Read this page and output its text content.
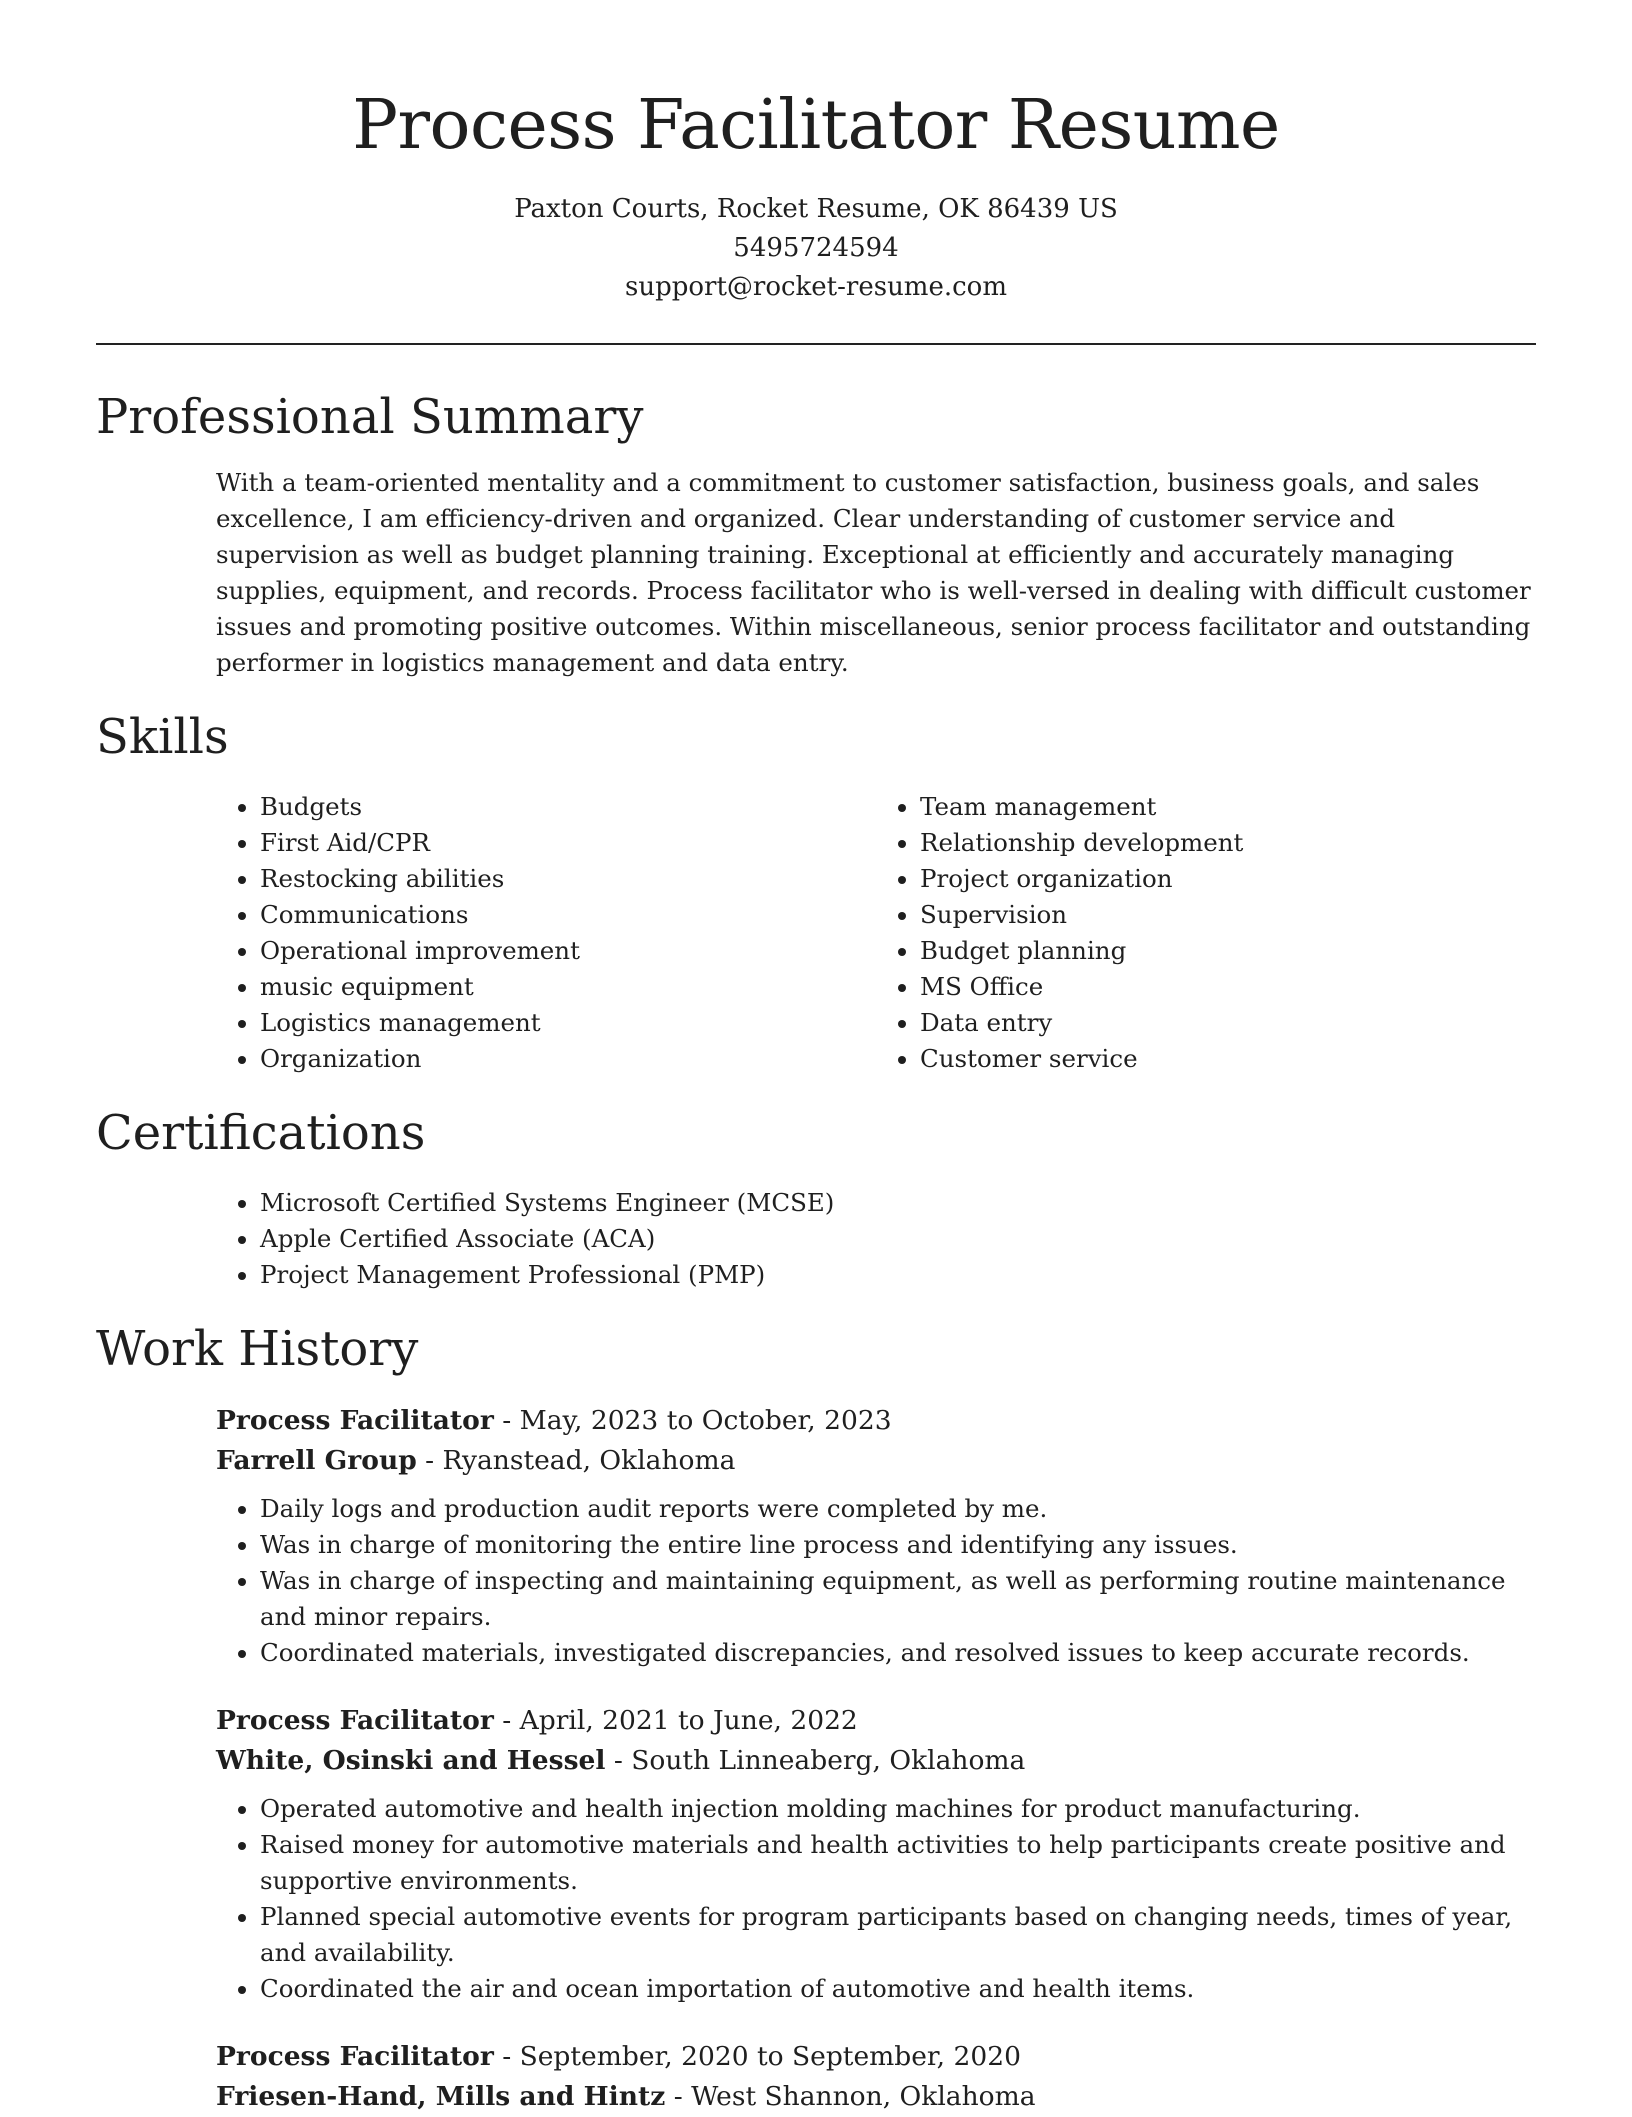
Process Facilitator Resume
Paxton Courts, Rocket Resume, OK 86439 US
5495724594
support@rocket-resume.com
Professional Summary

With a team-oriented mentality and a commitment to customer satisfaction, business goals, and sales excellence, I am efficiency-driven and organized. Clear understanding of customer service and supervision as well as budget planning training. Exceptional at efficiently and accurately managing supplies, equipment, and records. Process facilitator who is well-versed in dealing with difficult customer issues and promoting positive outcomes. Within miscellaneous, senior process facilitator and outstanding performer in logistics management and data entry.

Skills
• Budgets
• First Aid/CPR
• Restocking abilities
• Communications
• Operational improvement
• music equipment
• Logistics management
• Organization
• Team management
• Relationship development
• Project organization
• Supervision
• Budget planning
• MS Office
• Data entry
• Customer service
Certifications
• Microsoft Certified Systems Engineer (MCSE)
• Apple Certified Associate (ACA)
• Project Management Professional (PMP)
Work History
Process Facilitator - May, 2023 to October, 2023
Farrell Group - Ryanstead, Oklahoma
• Daily logs and production audit reports were completed by me.
• Was in charge of monitoring the entire line process and identifying any issues.
• Was in charge of inspecting and maintaining equipment, as well as performing routine maintenance and minor repairs.
• Coordinated materials, investigated discrepancies, and resolved issues to keep accurate records.
Process Facilitator - April, 2021 to June, 2022
White, Osinski and Hessel - South Linneaberg, Oklahoma
• Operated automotive and health injection molding machines for product manufacturing.
• Raised money for automotive materials and health activities to help participants create positive and supportive environments.
• Planned special automotive events for program participants based on changing needs, times of year, and availability.
• Coordinated the air and ocean importation of automotive and health items.
Process Facilitator - September, 2020 to September, 2020
Friesen-Hand, Mills and Hintz - West Shannon, Oklahoma
